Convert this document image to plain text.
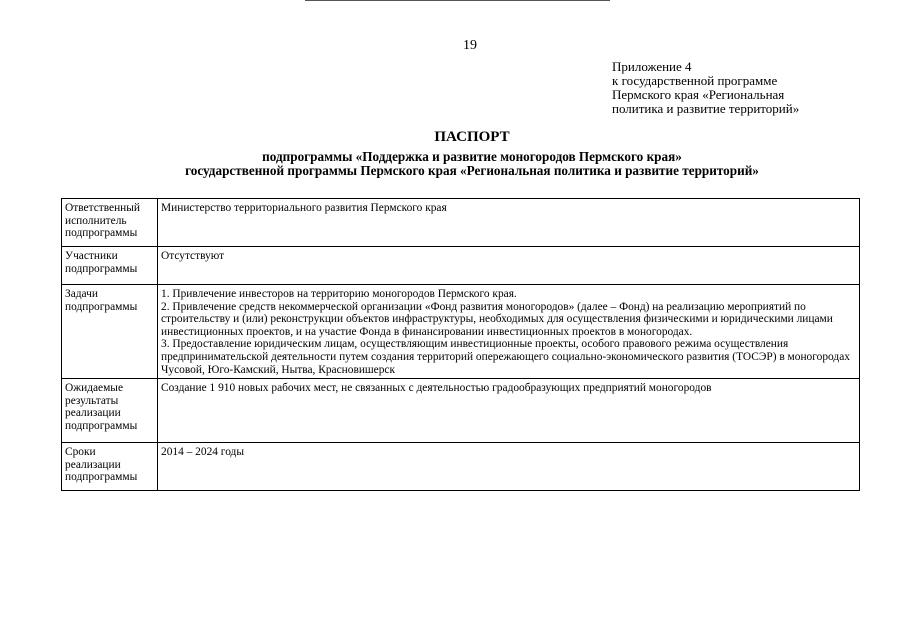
19
Приложение 4
к государственной программе
Пермского края «Региональная
политика и развитие территорий»
ПАСПОРТ
подпрограммы «Поддержка и развитие моногородов Пермского края»
государственной программы Пермского края «Региональная политика и развитие территорий»
Ответственный исполнитель подпрограммы	Министерство территориального развития Пермского края
Участники подпрограммы	Отсутствуют
Задачи подпрограммы	1. Привлечение инвесторов на территорию моногородов Пермского края.
2. Привлечение средств некоммерческой организации «Фонд развития моногородов» (далее – Фонд) на реализацию мероприятий по строительству и (или) реконструкции объектов инфраструктуры, необходимых для осуществления физическими и юридическими лицами инвестиционных проектов, и на участие Фонда в финансировании инвестиционных проектов в моногородах.
3. Предоставление юридическим лицам, осуществляющим инвестиционные проекты, особого правового режима осуществления предпринимательской деятельности путем создания территорий опережающего социально-экономического развития (ТОСЭР) в моногородах Чусовой, Юго-Камский, Нытва, Красновишерск

Ожидаемые результаты реализации подпрограммы	Создание 1 910 новых рабочих мест, не связанных с деятельностью градообразующих предприятий моногородов
Сроки реализации подпрограммы	2014 – 2024 годы
